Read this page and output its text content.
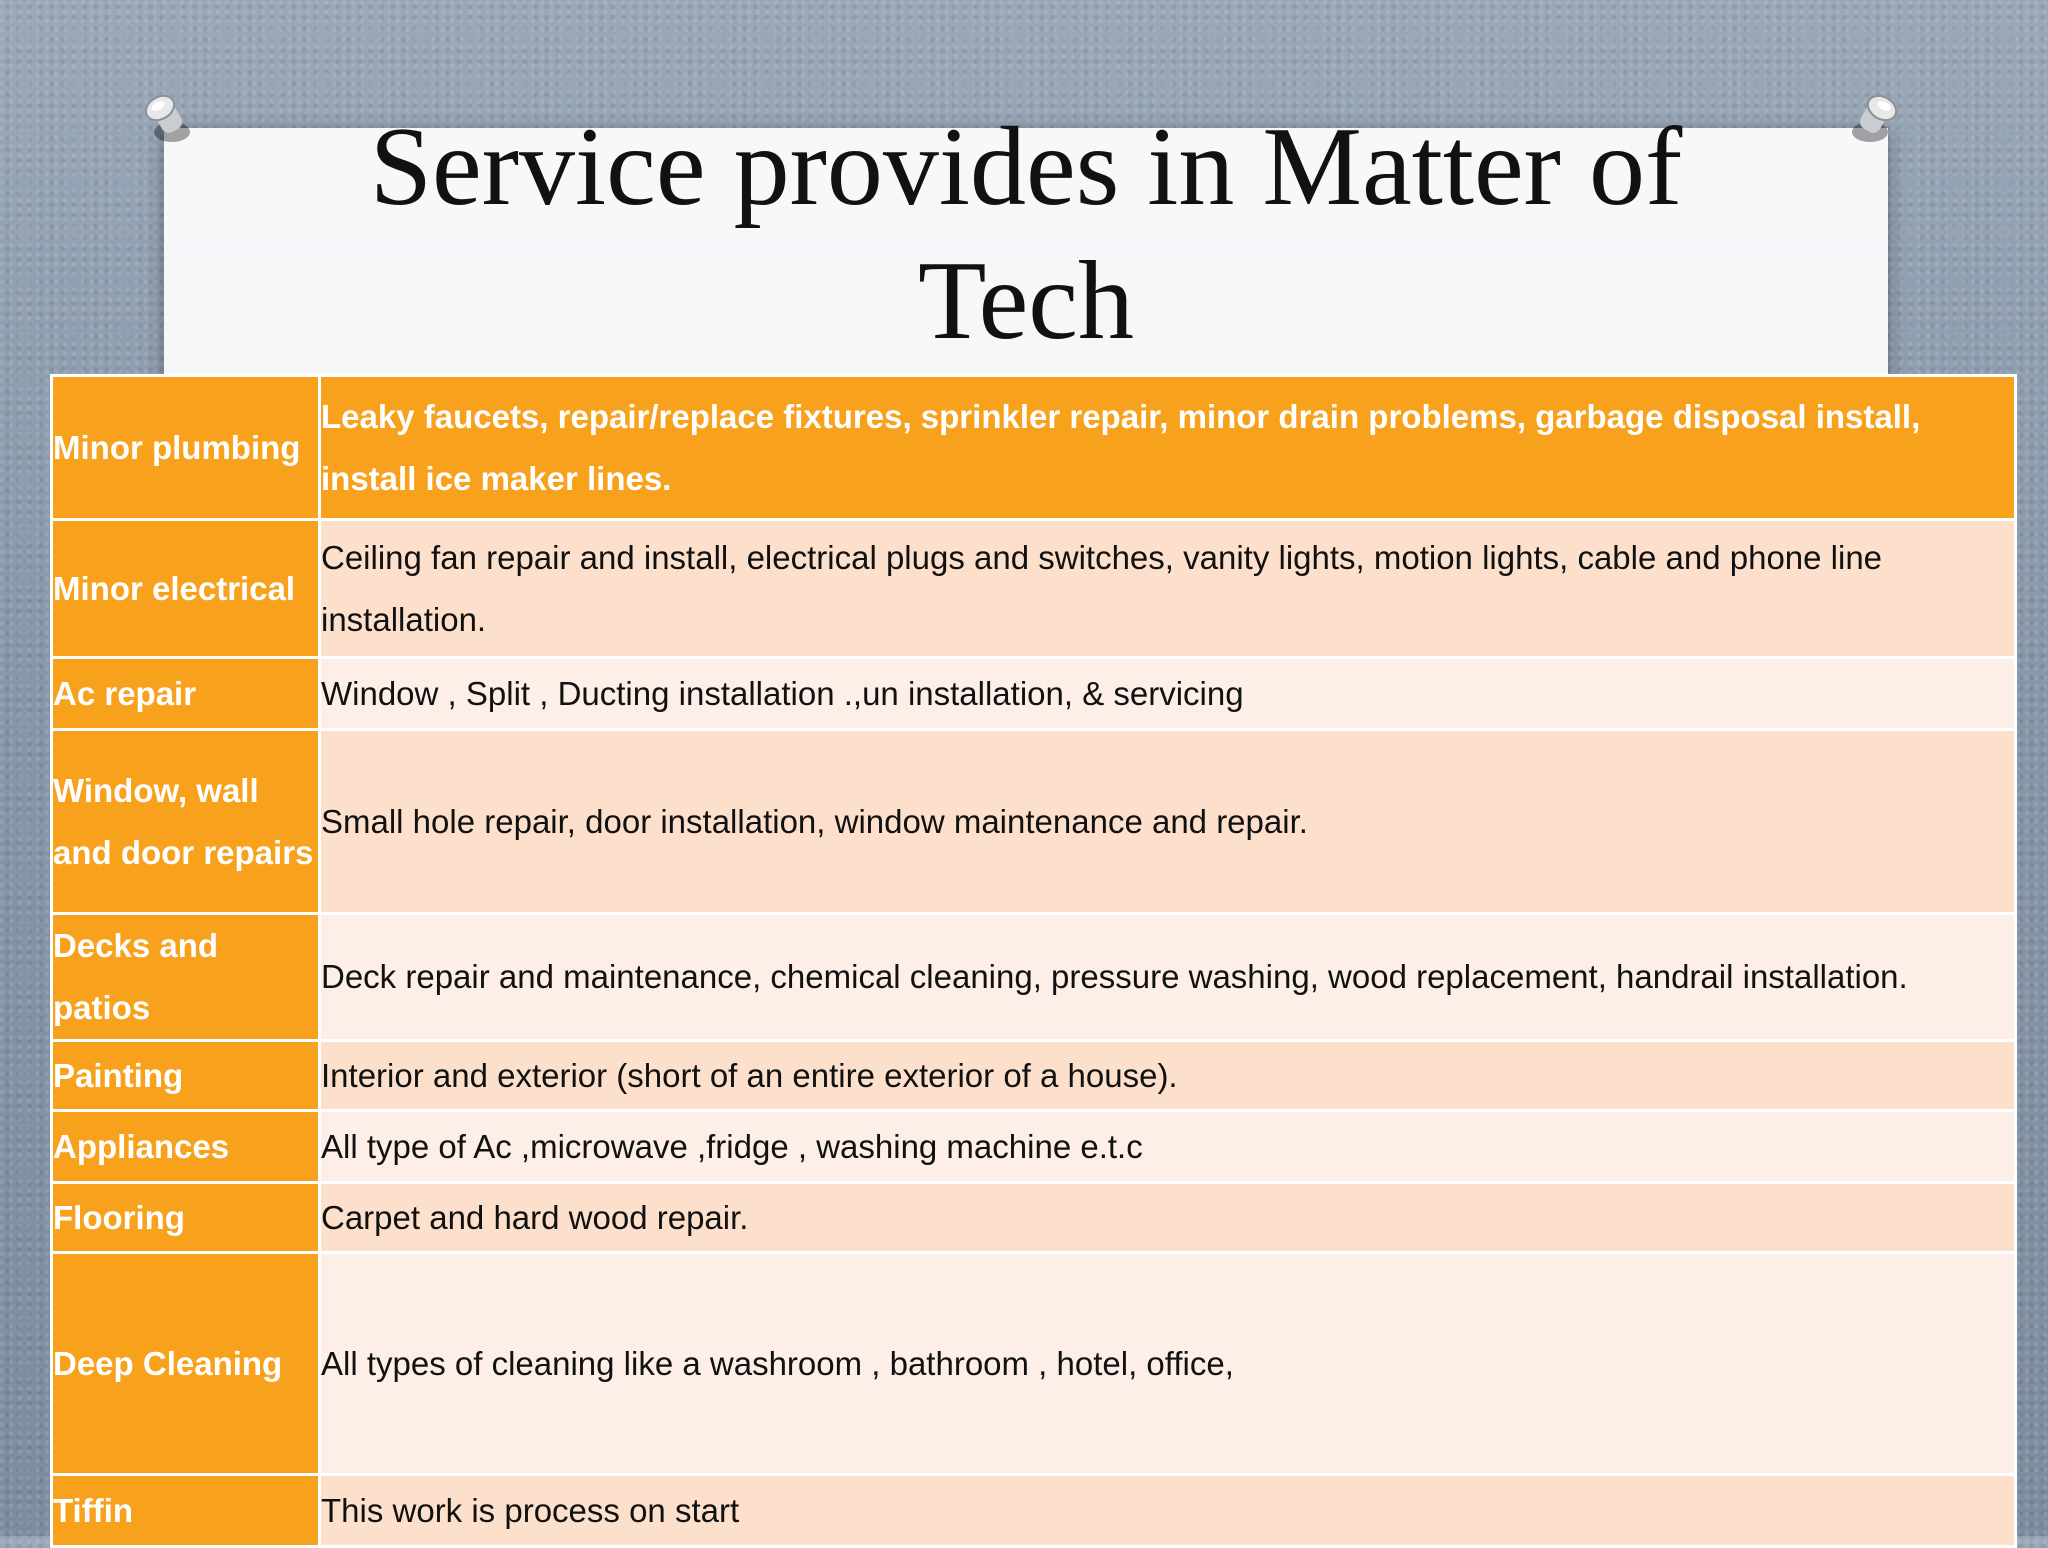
Service provides in Matter of
Tech
Minor plumbing	Leaky faucets, repair/replace fixtures, sprinkler repair, minor drain problems, garbage disposal install, install ice maker lines.
Minor electrical	Ceiling fan repair and install, electrical plugs and switches, vanity lights, motion lights, cable and phone line installation.
Ac repair	Window , Split , Ducting installation .,un installation, & servicing
Window, wall and door repairs	Small hole repair, door installation, window maintenance and repair.
Decks and patios	Deck repair and maintenance, chemical cleaning, pressure washing, wood replacement, handrail installation.
Painting	Interior and exterior (short of an entire exterior of a house).
Appliances	All type of Ac ,microwave ,fridge , washing machine e.t.c
Flooring	Carpet and hard wood repair.
Deep Cleaning	All types of cleaning like a washroom , bathroom , hotel, office,
Tiffin	This work is process on start
